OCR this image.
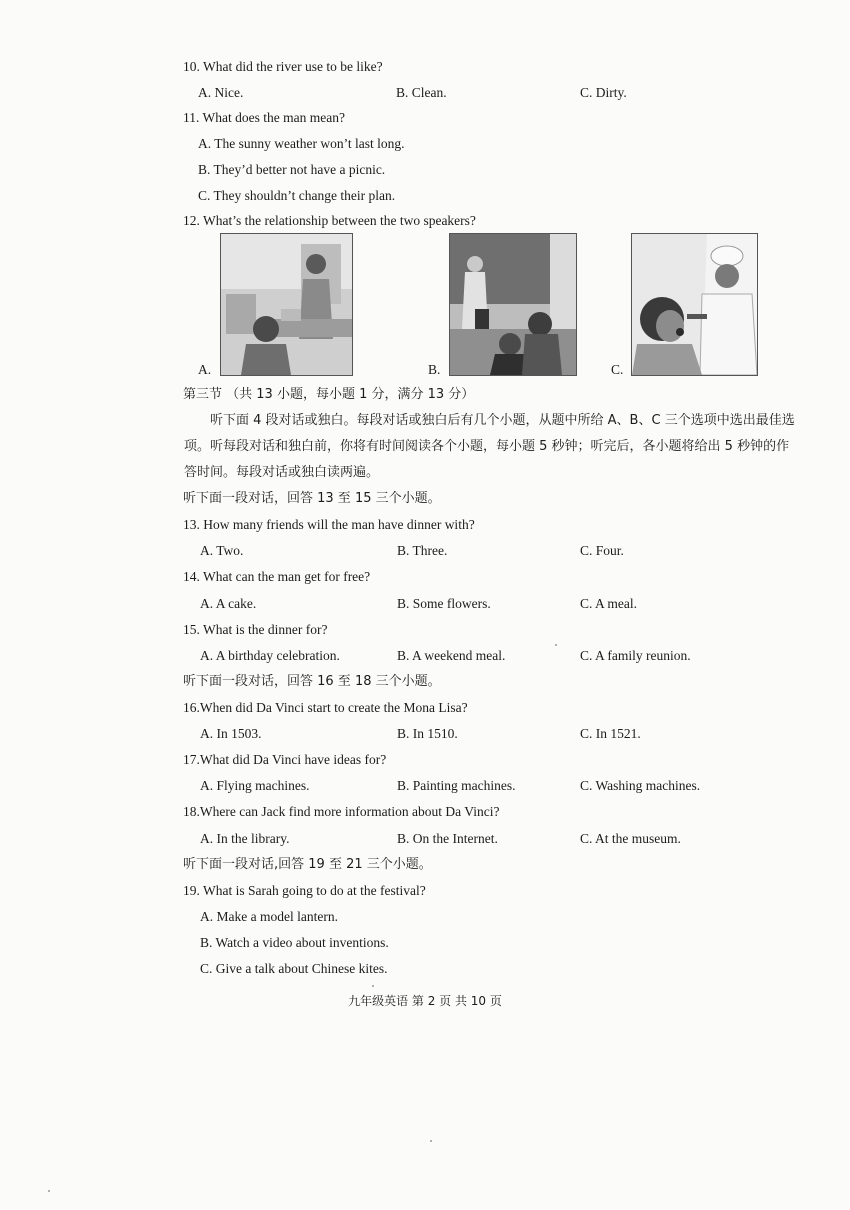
10. What did the river use to be like?
A. Nice.	B. Clean.	C. Dirty.
11. What does the man mean?
A. The sunny weather won’t last long.
B. They’d better not have a picnic.
C. They shouldn’t change their plan.
12. What’s the relationship between the two speakers?
A.	B.	C.
第三节 （共 13 小题，每小题 1 分，满分 13 分）
听下面 4 段对话或独白。每段对话或独白后有几个小题，从题中所给 A、B、C 三个选项中选出最佳选项。听每段对话和独白前，你将有时间阅读各个小题，每小题 5 秒钟；听完后，各小题将给出 5 秒钟的作答时间。每段对话或独白读两遍。
听下面一段对话，回答 13 至 15 三个小题。
13. How many friends will the man have dinner with?
A. Two.	B. Three.	C. Four.
14. What can the man get for free?
A. A cake.	B. Some flowers.	C. A meal.
15. What is the dinner for?
A. A birthday celebration.	B. A weekend meal.	C. A family reunion.
听下面一段对话，回答 16 至 18 三个小题。
16.When did Da Vinci start to create the Mona Lisa?
A. In 1503.	B. In 1510.	C. In 1521.
17.What did Da Vinci have ideas for?
A. Flying machines.	B. Painting machines.	C. Washing machines.
18.Where can Jack find more information about Da Vinci?
A. In the library.	B. On the Internet.	C. At the museum.
听下面一段对话,回答 19 至 21 三个小题。
19. What is Sarah going to do at the festival?
A. Make a model lantern.
B. Watch a video about inventions.
C. Give a talk about Chinese kites.
九年级英语 第 2 页 共 10 页
